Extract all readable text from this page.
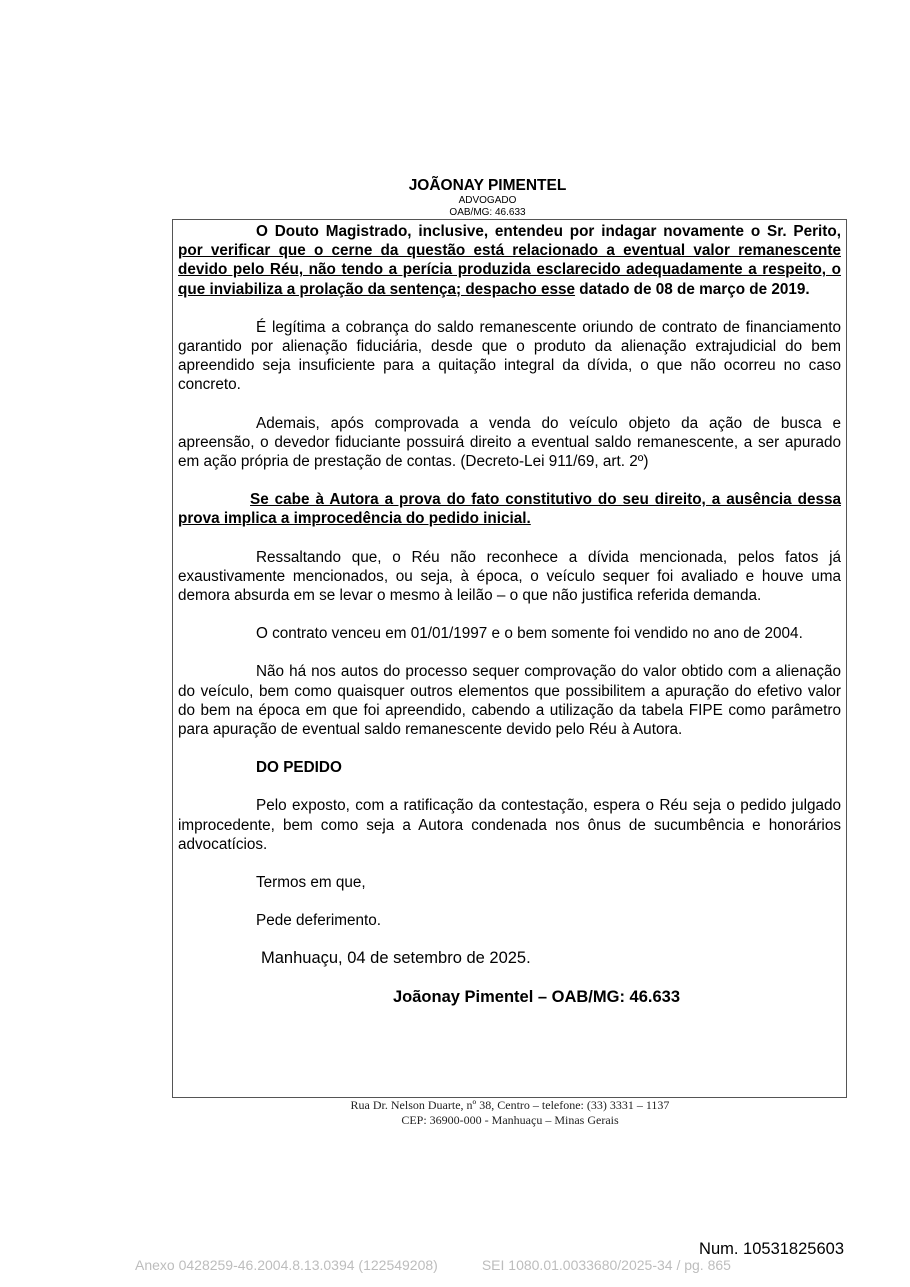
JOÃONAY PIMENTEL
ADVOGADO
OAB/MG: 46.633

O Douto Magistrado, inclusive, entendeu por indagar novamente o Sr. Perito, por verificar que o cerne da questão está relacionado a eventual valor remanescente devido pelo Réu, não tendo a perícia produzida esclarecido adequadamente a respeito, o que inviabiliza a prolação da sentença; despacho esse datado de 08 de março de 2019.

É legítima a cobrança do saldo remanescente oriundo de contrato de financiamento garantido por alienação fiduciária, desde que o produto da alienação extrajudicial do bem apreendido seja insuficiente para a quitação integral da dívida, o que não ocorreu no caso concreto.

Ademais, após comprovada a venda do veículo objeto da ação de busca e apreensão, o devedor fiduciante possuirá direito a eventual saldo remanescente, a ser apurado em ação própria de prestação de contas. (Decreto-Lei 911/69, art. 2º)

Se cabe à Autora a prova do fato constitutivo do seu direito, a ausência dessa prova implica a improcedência do pedido inicial.

Ressaltando que, o Réu não reconhece a dívida mencionada, pelos fatos já exaustivamente mencionados, ou seja, à época, o veículo sequer foi avaliado e houve uma demora absurda em se levar o mesmo à leilão – o que não justifica referida demanda.

O contrato venceu em 01/01/1997 e o bem somente foi vendido no ano de 2004.

Não há nos autos do processo sequer comprovação do valor obtido com a alienação do veículo, bem como quaisquer outros elementos que possibilitem a apuração do efetivo valor do bem na época em que foi apreendido, cabendo a utilização da tabela FIPE como parâmetro para apuração de eventual saldo remanescente devido pelo Réu à Autora.

DO PEDIDO

Pelo exposto, com a ratificação da contestação, espera o Réu seja o pedido julgado improcedente, bem como seja a Autora condenada nos ônus de sucumbência e honorários advocatícios.

Termos em que,

Pede deferimento.

Manhuaçu, 04 de setembro de 2025.

Joãonay Pimentel – OAB/MG: 46.633

Rua Dr. Nelson Duarte, nº 38, Centro – telefone: (33) 3331 – 1137
CEP: 36900-000 - Manhuaçu – Minas Gerais
Num. 10531825603
Anexo 0428259-46.2004.8.13.0394 (122549208)	SEI 1080.01.0033680/2025-34 / pg. 865
